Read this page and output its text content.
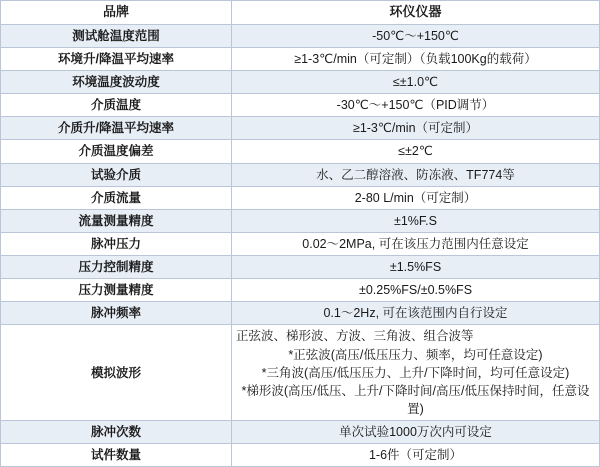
品牌	环仪仪器
测试舱温度范围	-50℃～+150℃
环境升/降温平均速率	≥1-3℃/min（可定制）（负载100Kg的载荷）
环境温度波动度	≤±1.0℃
介质温度	-30℃～+150℃（PID调节）
介质升/降温平均速率	≥1-3℃/min（可定制）
介质温度偏差	≤±2℃
试验介质	水、乙二醇溶液、防冻液、TF774等
介质流量	2-80 L/min（可定制）
流量测量精度	±1%F.S
脉冲压力	0.02～2MPa, 可在该压力范围内任意设定
压力控制精度	±1.5%FS
压力测量精度	±0.25%FS/±0.5%FS
脉冲频率	0.1～2Hz, 可在该范围内自行设定
模拟波形	正弦波、梯形波、方波、三角波、组合波等
*正弦波(高压/低压压力、频率，均可任意设定)
*三角波(高压/低压压力、上升/下降时间，均可任意设定)
*梯形波(高压/低压、上升/下降时间/高压/低压保持时间，任意设置)

脉冲次数	单次试验1000万次内可设定
试件数量	1-6件（可定制）
